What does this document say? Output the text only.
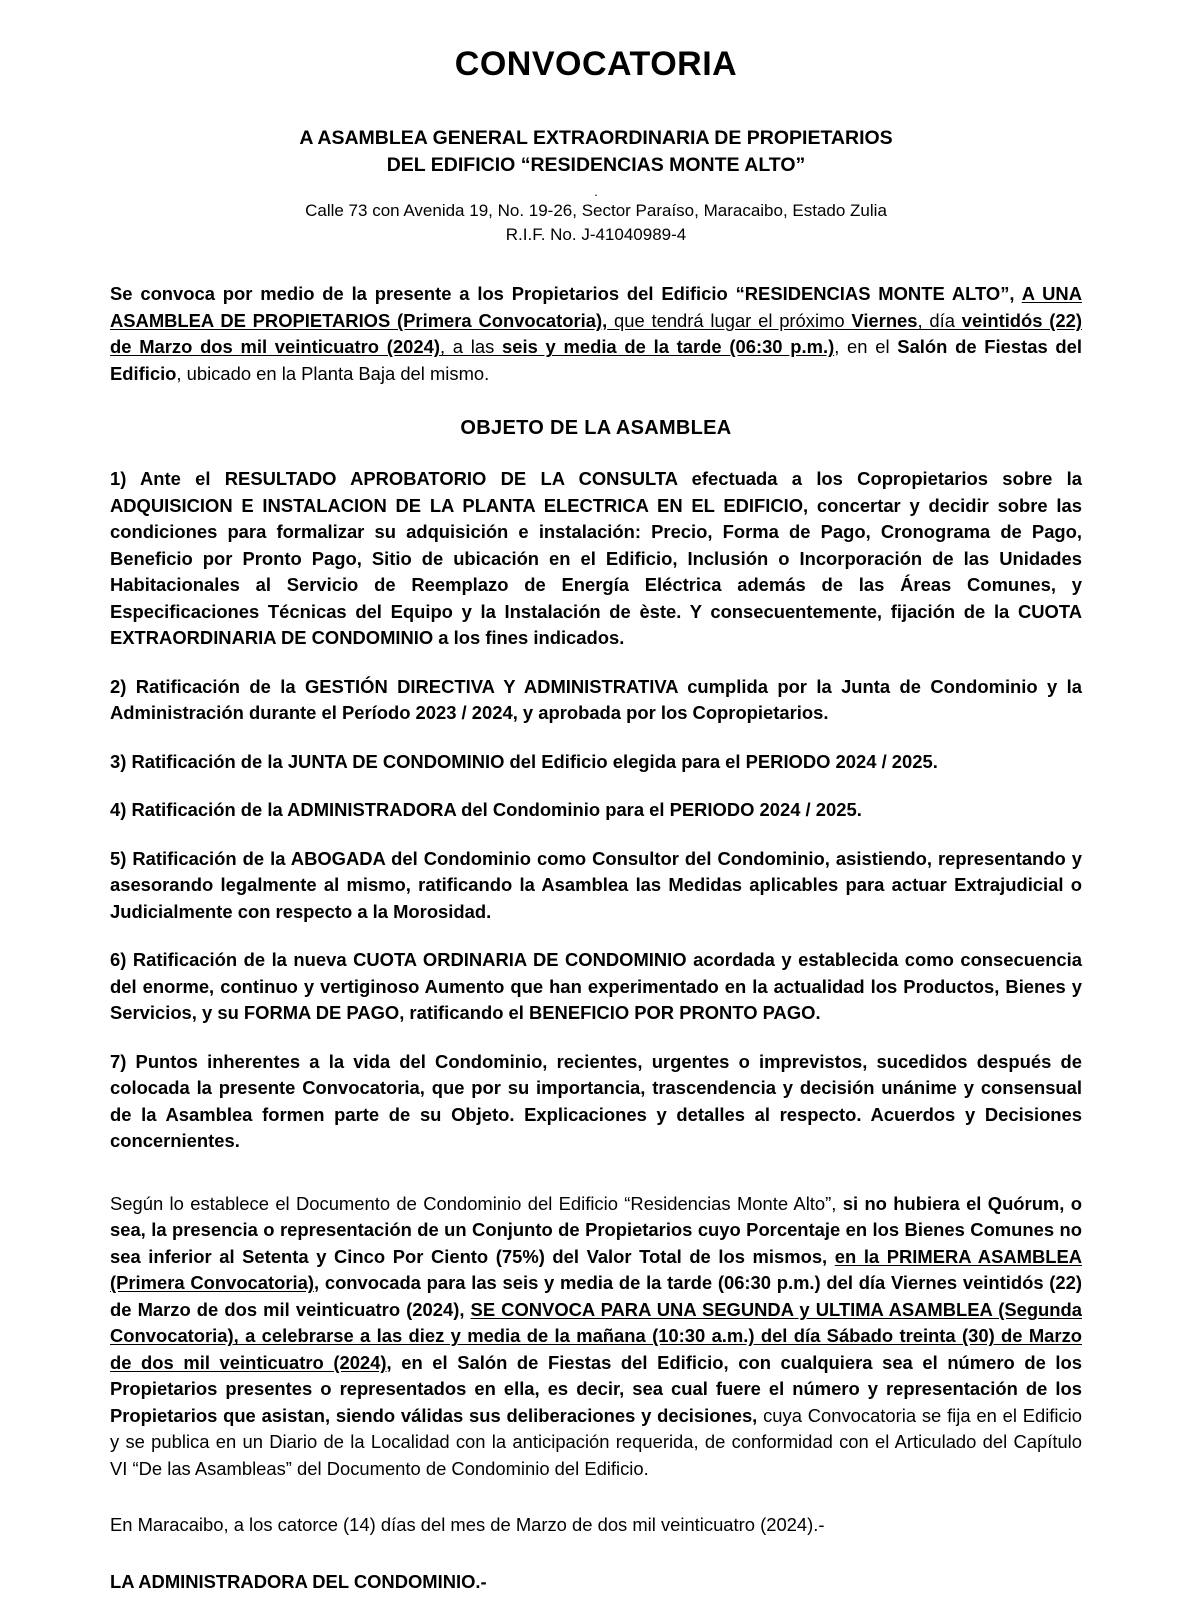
CONVOCATORIA
A ASAMBLEA GENERAL EXTRAORDINARIA DE PROPIETARIOS
DEL EDIFICIO “RESIDENCIAS MONTE ALTO”
.
Calle 73 con Avenida 19, No. 19-26, Sector Paraíso, Maracaibo, Estado Zulia
R.I.F. No. J-41040989-4

Se convoca por medio de la presente a los Propietarios del Edificio “RESIDENCIAS MONTE ALTO”, A UNA ASAMBLEA DE PROPIETARIOS (Primera Convocatoria), que tendrá lugar el próximo Viernes, día veintidós (22) de Marzo dos mil veinticuatro (2024), a las seis y media de la tarde (06:30 p.m.), en el Salón de Fiestas del Edificio, ubicado en la Planta Baja del mismo.

OBJETO DE LA ASAMBLEA

1) Ante el RESULTADO APROBATORIO DE LA CONSULTA efectuada a los Copropietarios sobre la ADQUISICION E INSTALACION DE LA PLANTA ELECTRICA EN EL EDIFICIO, concertar y decidir sobre las condiciones para formalizar su adquisición e instalación: Precio, Forma de Pago, Cronograma de Pago, Beneficio por Pronto Pago, Sitio de ubicación en el Edificio, Inclusión o Incorporación de las Unidades Habitacionales al Servicio de Reemplazo de Energía Eléctrica además de las Áreas Comunes, y Especificaciones Técnicas del Equipo y la Instalación de èste. Y consecuentemente, fijación de la CUOTA EXTRAORDINARIA DE CONDOMINIO a los fines indicados.

2) Ratificación de la GESTIÓN DIRECTIVA Y ADMINISTRATIVA cumplida por la Junta de Condominio y la Administración durante el Período 2023 / 2024, y aprobada por los Copropietarios.

3) Ratificación de la JUNTA DE CONDOMINIO del Edificio elegida para el PERIODO 2024 / 2025.

4) Ratificación de la ADMINISTRADORA del Condominio para el PERIODO 2024 / 2025.

5) Ratificación de la ABOGADA del Condominio como Consultor del Condominio, asistiendo, representando y asesorando legalmente al mismo, ratificando la Asamblea las Medidas aplicables para actuar Extrajudicial o Judicialmente con respecto a la Morosidad.

6) Ratificación de la nueva CUOTA ORDINARIA DE CONDOMINIO acordada y establecida como consecuencia del enorme, continuo y vertiginoso Aumento que han experimentado en la actualidad los Productos, Bienes y Servicios, y su FORMA DE PAGO, ratificando el BENEFICIO POR PRONTO PAGO.

7) Puntos inherentes a la vida del Condominio, recientes, urgentes o imprevistos, sucedidos después de colocada la presente Convocatoria, que por su importancia, trascendencia y decisión unánime y consensual de la Asamblea formen parte de su Objeto. Explicaciones y detalles al respecto. Acuerdos y Decisiones concernientes.

Según lo establece el Documento de Condominio del Edificio “Residencias Monte Alto”, si no hubiera el Quórum, o sea, la presencia o representación de un Conjunto de Propietarios cuyo Porcentaje en los Bienes Comunes no sea inferior al Setenta y Cinco Por Ciento (75%) del Valor Total de los mismos, en la PRIMERA ASAMBLEA (Primera Convocatoria), convocada para las seis y media de la tarde (06:30 p.m.) del día Viernes veintidós (22) de Marzo de dos mil veinticuatro (2024), SE CONVOCA PARA UNA SEGUNDA y ULTIMA ASAMBLEA (Segunda Convocatoria), a celebrarse a las diez y media de la mañana (10:30 a.m.) del día Sábado treinta (30) de Marzo de dos mil veinticuatro (2024), en el Salón de Fiestas del Edificio, con cualquiera sea el número de los Propietarios presentes o representados en ella, es decir, sea cual fuere el número y representación de los Propietarios que asistan, siendo válidas sus deliberaciones y decisiones, cuya Convocatoria se fija en el Edificio y se publica en un Diario de la Localidad con la anticipación requerida, de conformidad con el Articulado del Capítulo VI “De las Asambleas” del Documento de Condominio del Edificio.

En Maracaibo, a los catorce (14) días del mes de Marzo de dos mil veinticuatro (2024).-

LA ADMINISTRADORA DEL CONDOMINIO.-
